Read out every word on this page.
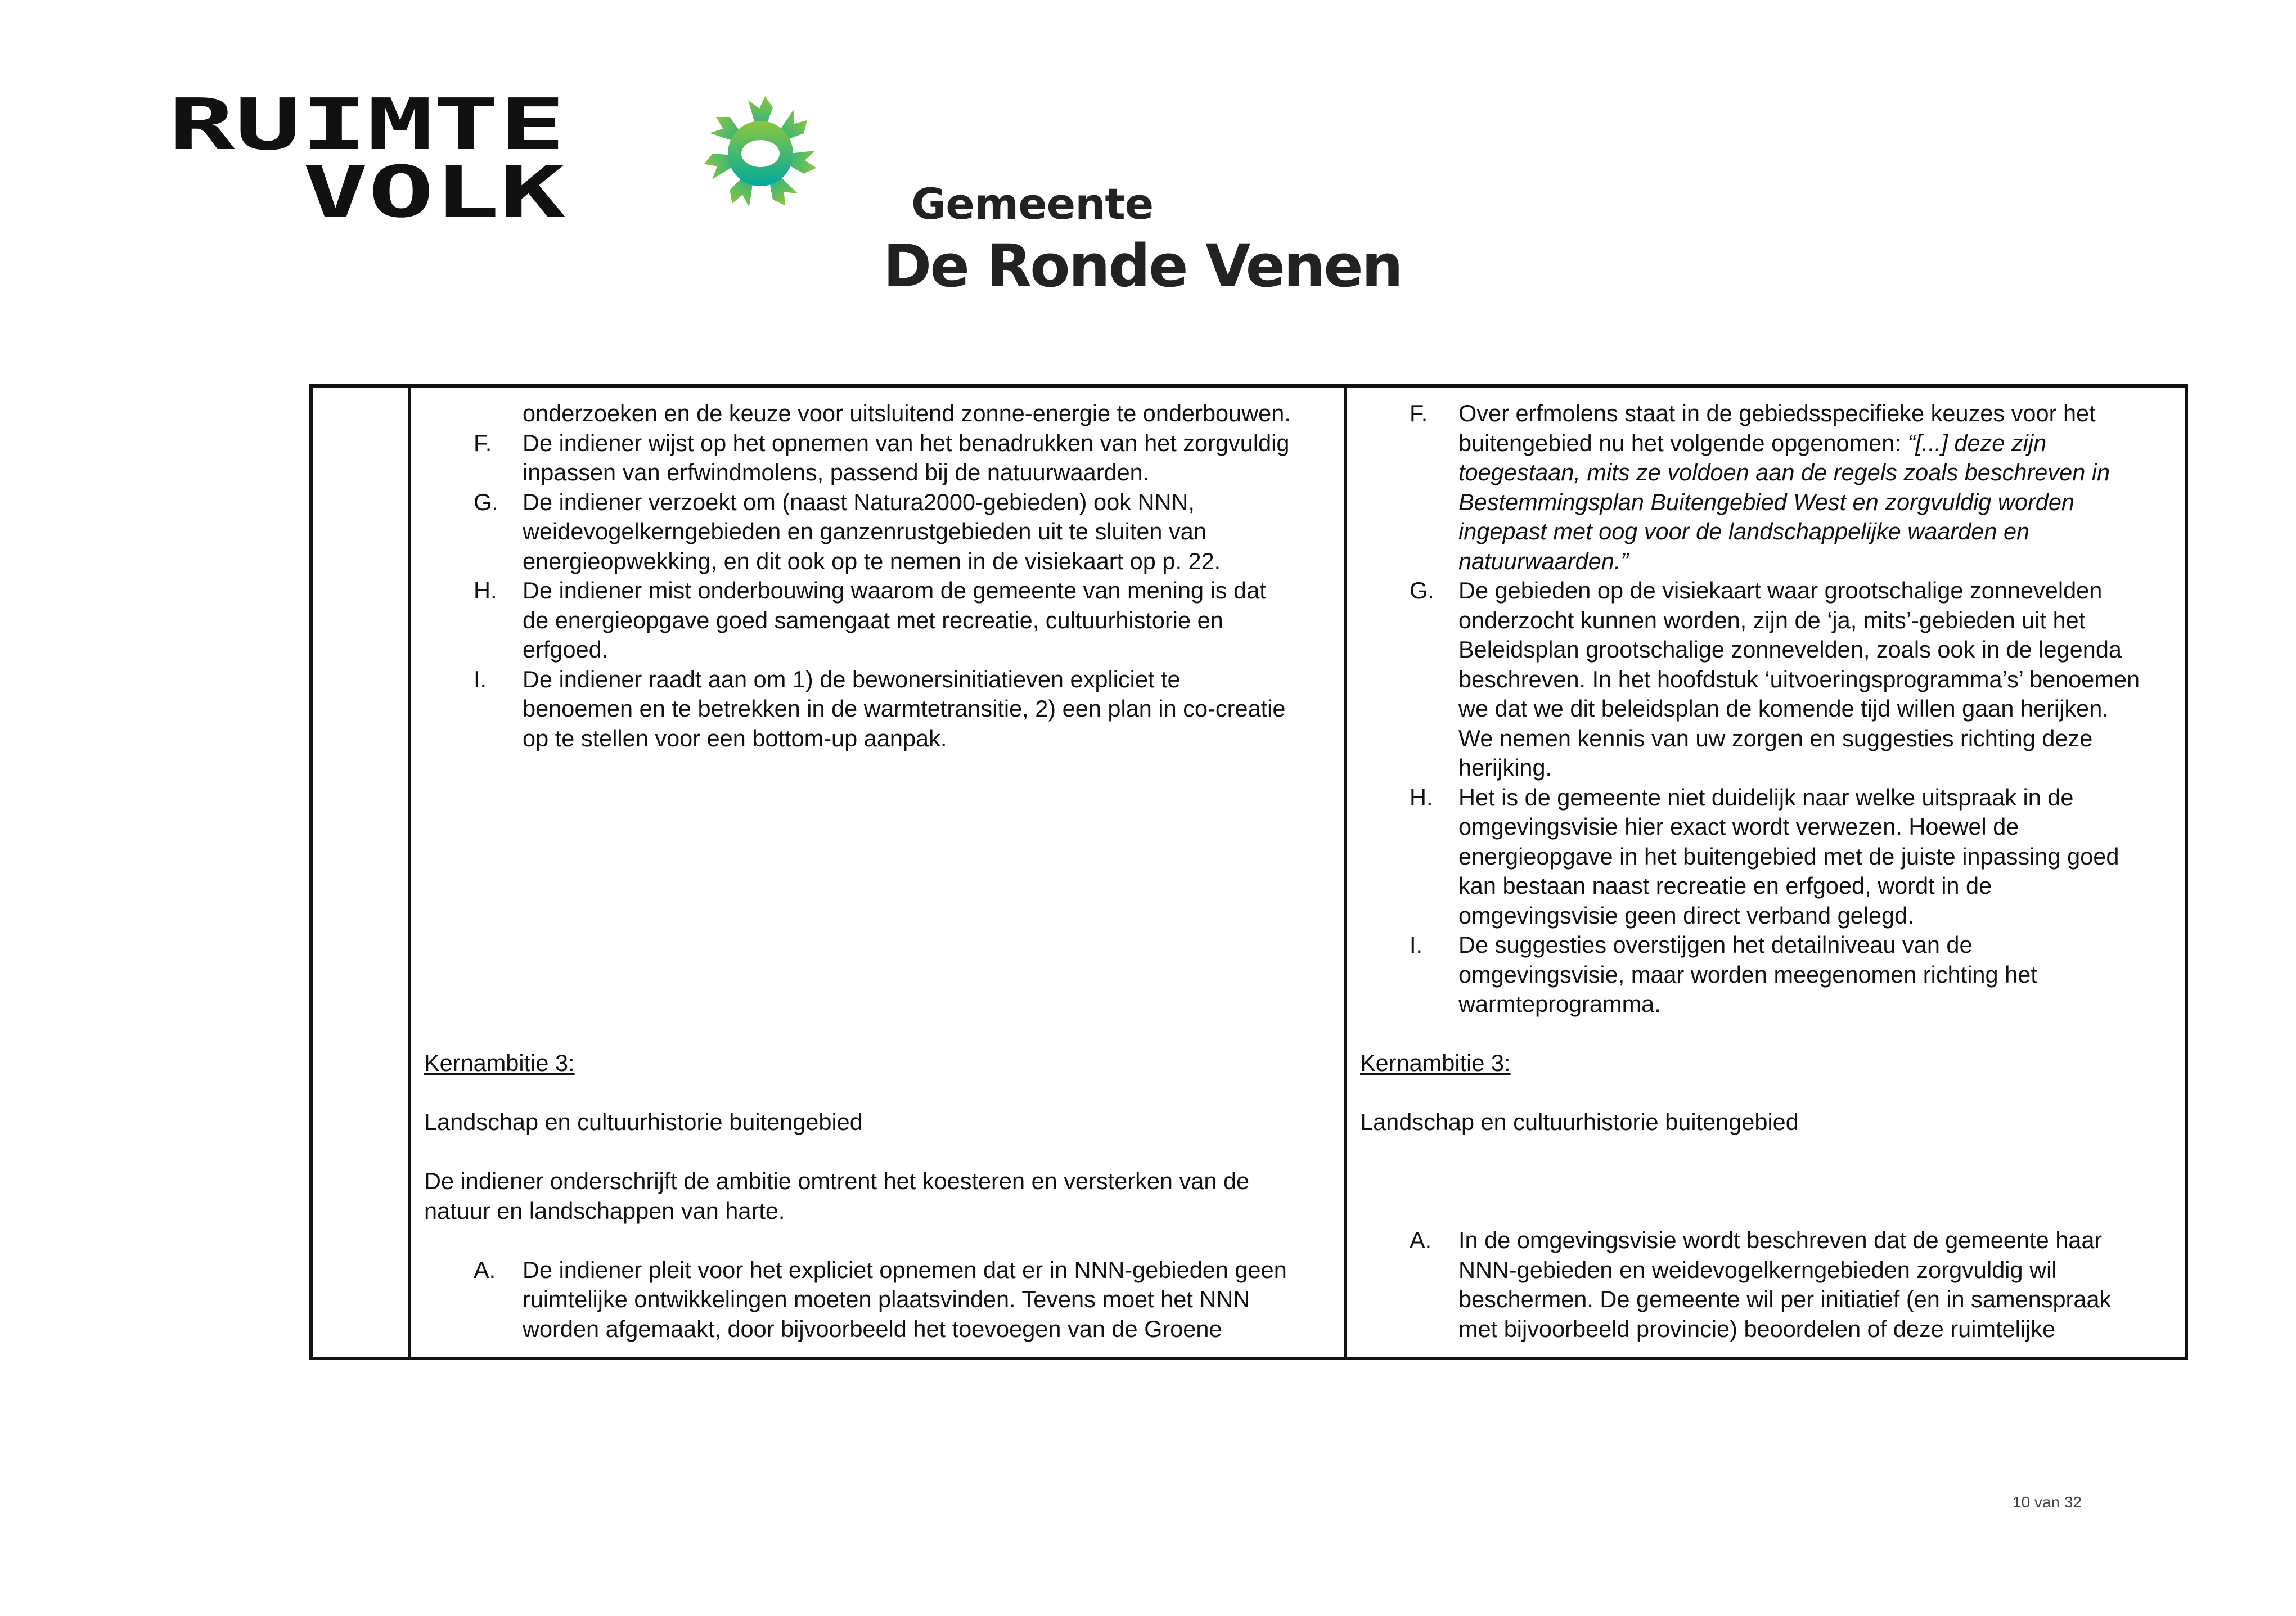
RUIMTE
VOLK	Gemeente
De Ronde Venen

onderzoeken en de keuze voor uitsluitend zonne-energie te onderbouwen.

F. De indiener wijst op het opnemen van het benadrukken van het zorgvuldig

inpassen van erfwindmolens, passend bij de natuurwaarden.

G. De indiener verzoekt om (naast Natura2000-gebieden) ook NNN,

weidevogelkerngebieden en ganzenrustgebieden uit te sluiten van

energieopwekking, en dit ook op te nemen in de visiekaart op p. 22.

H. De indiener mist onderbouwing waarom de gemeente van mening is dat

de energieopgave goed samengaat met recreatie, cultuurhistorie en

erfgoed.

I. De indiener raadt aan om 1) de bewonersinitiatieven expliciet te

benoemen en te betrekken in de warmtetransitie, 2) een plan in co-creatie

op te stellen voor een bottom-up aanpak.

Kernambitie 3:

Landschap en cultuurhistorie buitengebied

De indiener onderschrijft de ambitie omtrent het koesteren en versterken van de

natuur en landschappen van harte.

A. De indiener pleit voor het expliciet opnemen dat er in NNN-gebieden geen

ruimtelijke ontwikkelingen moeten plaatsvinden. Tevens moet het NNN

worden afgemaakt, door bijvoorbeeld het toevoegen van de Groene

F. Over erfmolens staat in de gebiedsspecifieke keuzes voor het

buitengebied nu het volgende opgenomen: “[...] deze zijn

toegestaan, mits ze voldoen aan de regels zoals beschreven in

Bestemmingsplan Buitengebied West en zorgvuldig worden

ingepast met oog voor de landschappelijke waarden en

natuurwaarden.”

G. De gebieden op de visiekaart waar grootschalige zonnevelden

onderzocht kunnen worden, zijn de ‘ja, mits’-gebieden uit het

Beleidsplan grootschalige zonnevelden, zoals ook in de legenda

beschreven. In het hoofdstuk ‘uitvoeringsprogramma’s’ benoemen

we dat we dit beleidsplan de komende tijd willen gaan herijken.

We nemen kennis van uw zorgen en suggesties richting deze

herijking.

H. Het is de gemeente niet duidelijk naar welke uitspraak in de

omgevingsvisie hier exact wordt verwezen. Hoewel de

energieopgave in het buitengebied met de juiste inpassing goed

kan bestaan naast recreatie en erfgoed, wordt in de

omgevingsvisie geen direct verband gelegd.

I. De suggesties overstijgen het detailniveau van de

omgevingsvisie, maar worden meegenomen richting het

warmteprogramma.

Kernambitie 3:

Landschap en cultuurhistorie buitengebied

A. In de omgevingsvisie wordt beschreven dat de gemeente haar

NNN-gebieden en weidevogelkerngebieden zorgvuldig wil

beschermen. De gemeente wil per initiatief (en in samenspraak

met bijvoorbeeld provincie) beoordelen of deze ruimtelijke

10 van 32
